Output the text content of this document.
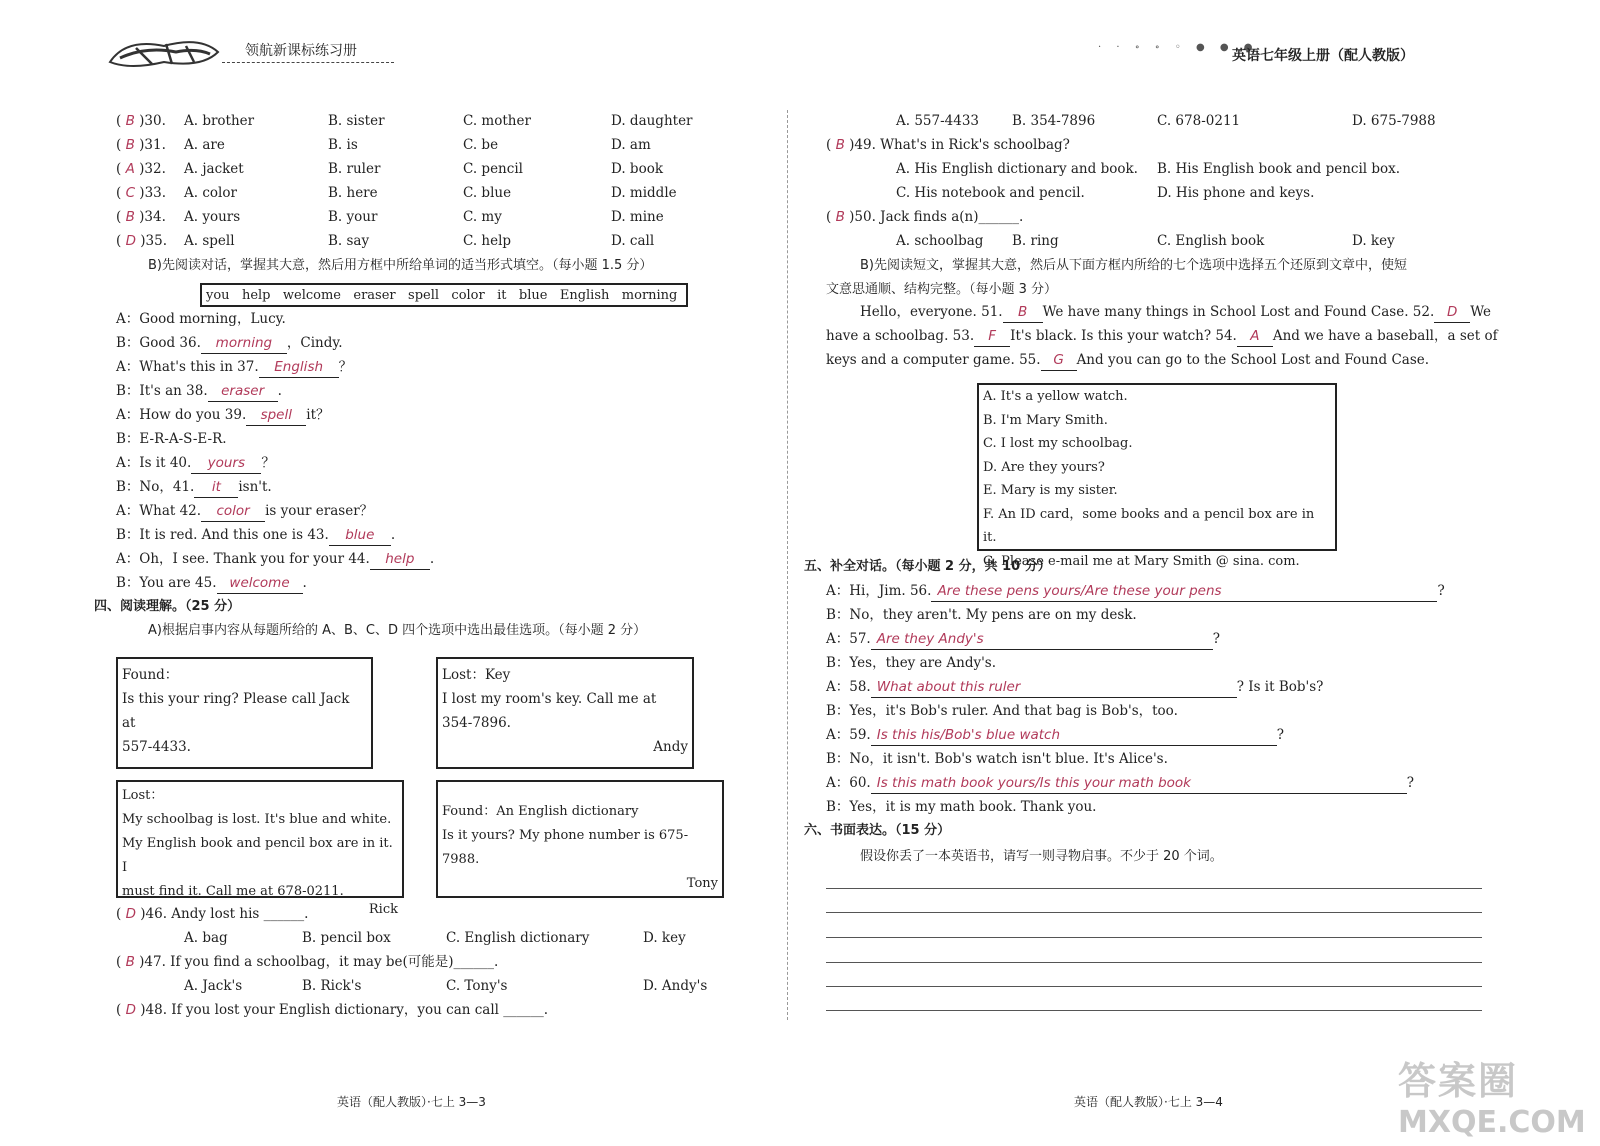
领航新课标练习册	· · ∘ ∘ ◦ ● ● ●
英语七年级上册（配人教版）
( B )30. A. brother	B. sister	C. mother	D. daughter
( B )31. A. are	B. is	C. be	D. am
( A )32. A. jacket	B. ruler	C. pencil	D. book
( C )33. A. color	B. here	C. blue	D. middle
( B )34. A. yours	B. your	C. my	D. mine
( D )35. A. spell	B. say	C. help	D. call
B)先阅读对话，掌握其大意，然后用方框中所给单词的适当形式填空。（每小题 1.5 分）
you   help   welcome   eraser   spell   color   it   blue   English   morning
A：Good morning，Lucy.
B：Good 36. morning ，Cindy.
A：What's this in 37. English ？
B：It's an 38. eraser .
A：How do you 39. spell it？
B：E-R-A-S-E-R.
A：Is it 40. yours ？
B：No，41. it isn't.
A：What 42. color is your eraser？
B：It is red. And this one is 43. blue .
A：Oh，I see. Thank you for your 44. help .
B：You are 45. welcome .
四、阅读理解。（25 分）
A)根据启事内容从每题所给的 A、B、C、D 四个选项中选出最佳选项。（每小题 2 分）
Found：
Is this your ring? Please call Jack at
557-4433.
Lost：Key
I lost my room's key. Call me at
354-7896.
Andy
Lost：
My schoolbag is lost. It's blue and white.
My English book and pencil box are in it. I
must find it. Call me at 678-0211.
Rick
Found：An English dictionary
Is it yours? My phone number is 675-7988.
Tony
( D )46. Andy lost his ______.
A. bag	B. pencil box	C. English dictionary	D. key
( B )47. If you find a schoolbag，it may be(可能是)______.
A. Jack's	B. Rick's	C. Tony's	D. Andy's
( D )48. If you lost your English dictionary，you can call ______.
英语（配人教版）·七上 3—3
A. 557-4433 B. 354-7896	C. 678-0211	D. 675-7988
( B )49. What's in Rick's schoolbag?
A. His English dictionary and book. B. His English book and pencil box.
C. His notebook and pencil.	D. His phone and keys.
( B )50. Jack finds a(n)______.
A. schoolbag B. ring	C. English book	D. key
B)先阅读短文，掌握其大意，然后从下面方框内所给的七个选项中选择五个还原到文章中，使短
文意思通顺、结构完整。（每小题 3 分）
Hello，everyone. 51. B We have many things in School Lost and Found Case. 52. D We
have a schoolbag. 53. F It's black. Is this your watch? 54. A And we have a baseball，a set of
keys and a computer game. 55. G And you can go to the School Lost and Found Case.
A. It's a yellow watch.
B. I'm Mary Smith.
C. I lost my schoolbag.
D. Are they yours?
E. Mary is my sister.
F. An ID card，some books and a pencil box are in it.
G. Please e-mail me at Mary Smith @ sina. com.
五、补全对话。（每小题 2 分，共 10 分）
A：Hi，Jim. 56. Are these pens yours/Are these your pens	?
B：No，they aren't. My pens are on my desk.
A：57. Are they Andy's	?
B：Yes，they are Andy's.
A：58. What about this ruler	? Is it Bob's?
B：Yes，it's Bob's ruler. And that bag is Bob's，too.
A：59. Is this his/Bob's blue watch	?
B：No，it isn't. Bob's watch isn't blue. It's Alice's.
A：60. Is this math book yours/Is this your math book	?
B：Yes，it is my math book. Thank you.
六、书面表达。（15 分）
假设你丢了一本英语书，请写一则寻物启事。不少于 20 个词。
英语（配人教版）·七上 3—4	答案圈
MXQE.COM
